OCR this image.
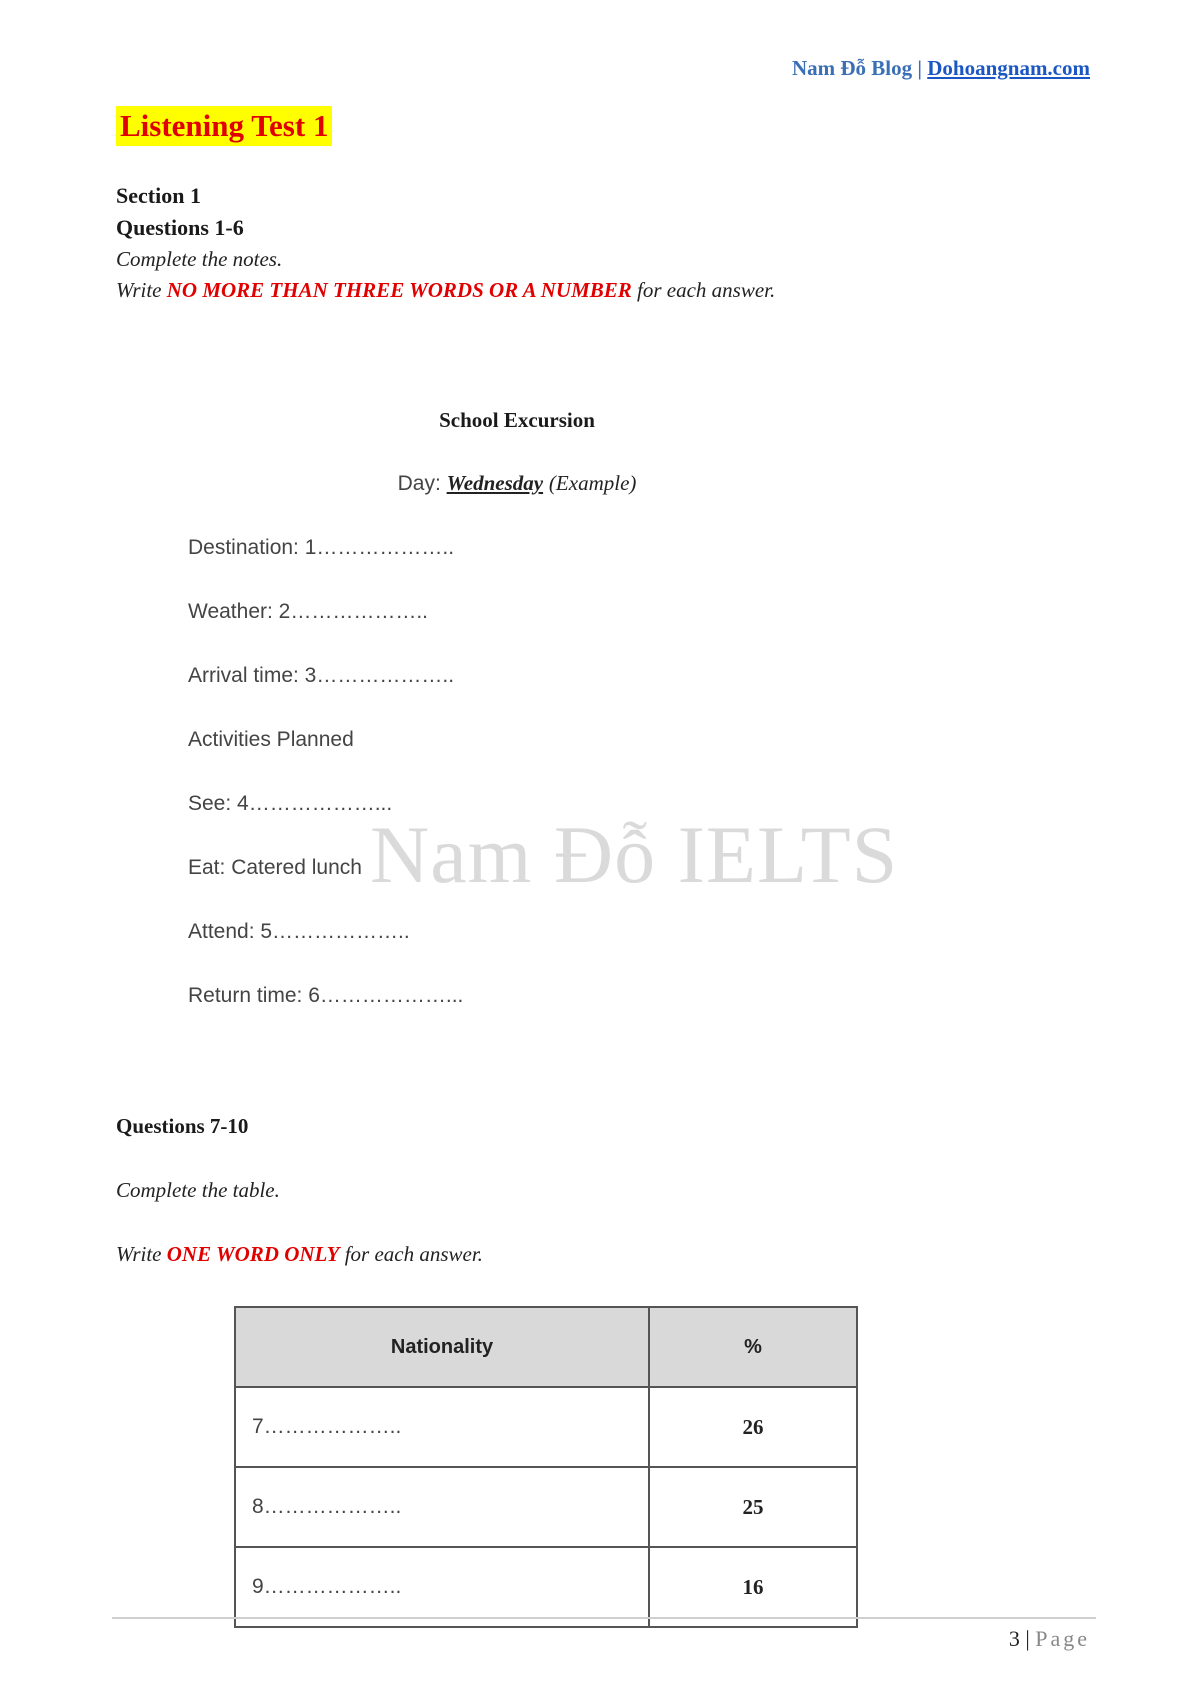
Nam Đỗ Blog | Dohoangnam.com
Listening Test 1
Section 1
Questions 1-6
Complete the notes.
Write NO MORE THAN THREE WORDS OR A NUMBER for each answer.
School Excursion
Day: Wednesday (Example)
Destination: 1………………..
Weather: 2………………..
Arrival time: 3………………..
Activities Planned
See: 4………………...
Eat: Catered lunch
Attend: 5………………..
Return time: 6………………...
Nam Đỗ IELTS
Questions 7-10
Complete the table.
Write ONE WORD ONLY for each answer.
Nationality	%
7………………..	26
8………………..	25
9………………..	16
3 | Page
